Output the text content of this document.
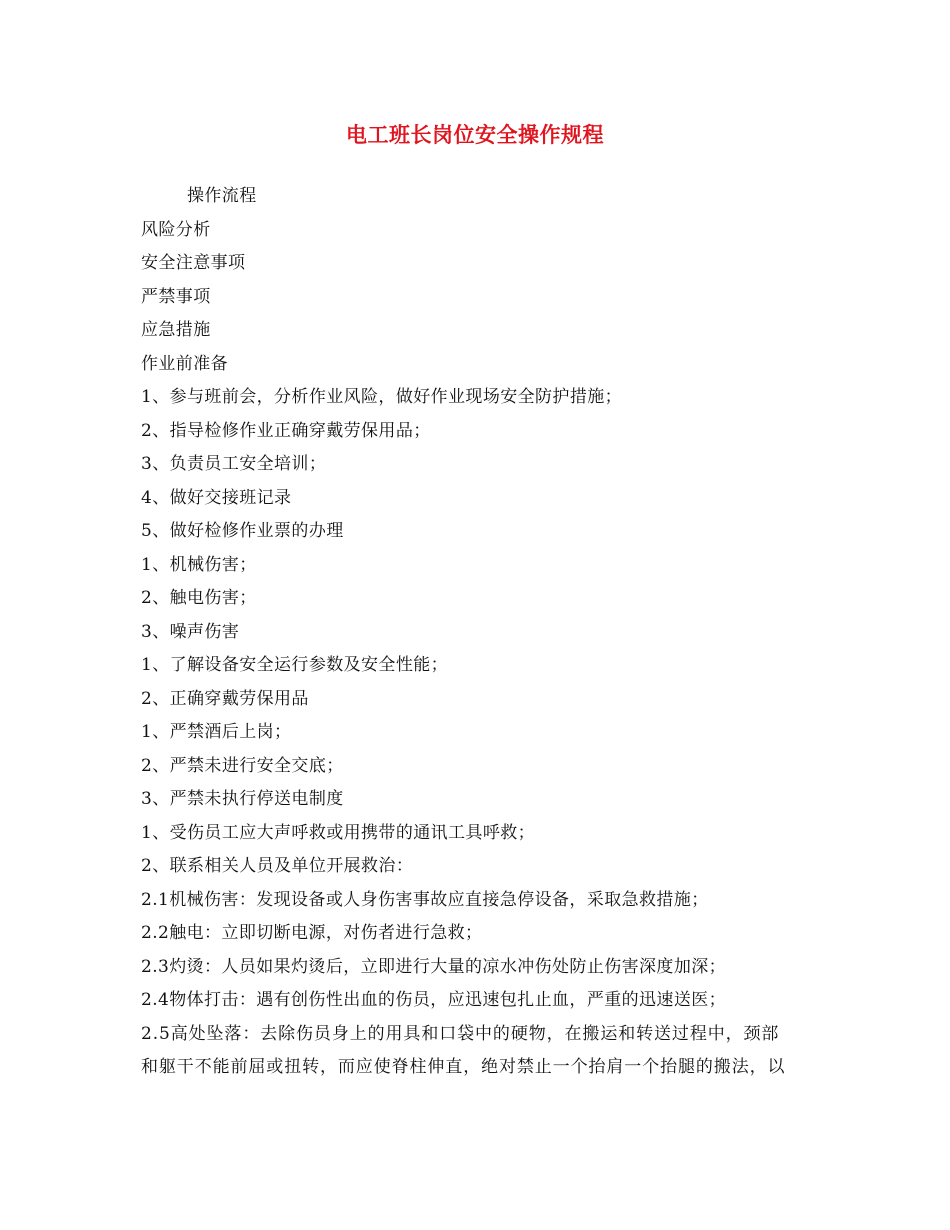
电工班长岗位安全操作规程
操作流程
风险分析
安全注意事项
严禁事项
应急措施
作业前准备
1、参与班前会，分析作业风险，做好作业现场安全防护措施；
2、指导检修作业正确穿戴劳保用品；
3、负责员工安全培训；
4、做好交接班记录
5、做好检修作业票的办理
1、机械伤害；
2、触电伤害；
3、噪声伤害
1、了解设备安全运行参数及安全性能；
2、正确穿戴劳保用品
1、严禁酒后上岗；
2、严禁未进行安全交底；
3、严禁未执行停送电制度
1、受伤员工应大声呼救或用携带的通讯工具呼救；
2、联系相关人员及单位开展救治：
2.1机械伤害：发现设备或人身伤害事故应直接急停设备，采取急救措施；
2.2触电：立即切断电源，对伤者进行急救；
2.3灼烫：人员如果灼烫后，立即进行大量的凉水冲伤处防止伤害深度加深；
2.4物体打击：遇有创伤性出血的伤员，应迅速包扎止血，严重的迅速送医；
2.5高处坠落：去除伤员身上的用具和口袋中的硬物，在搬运和转送过程中，颈部
和躯干不能前屈或扭转，而应使脊柱伸直，绝对禁止一个抬肩一个抬腿的搬法，以
